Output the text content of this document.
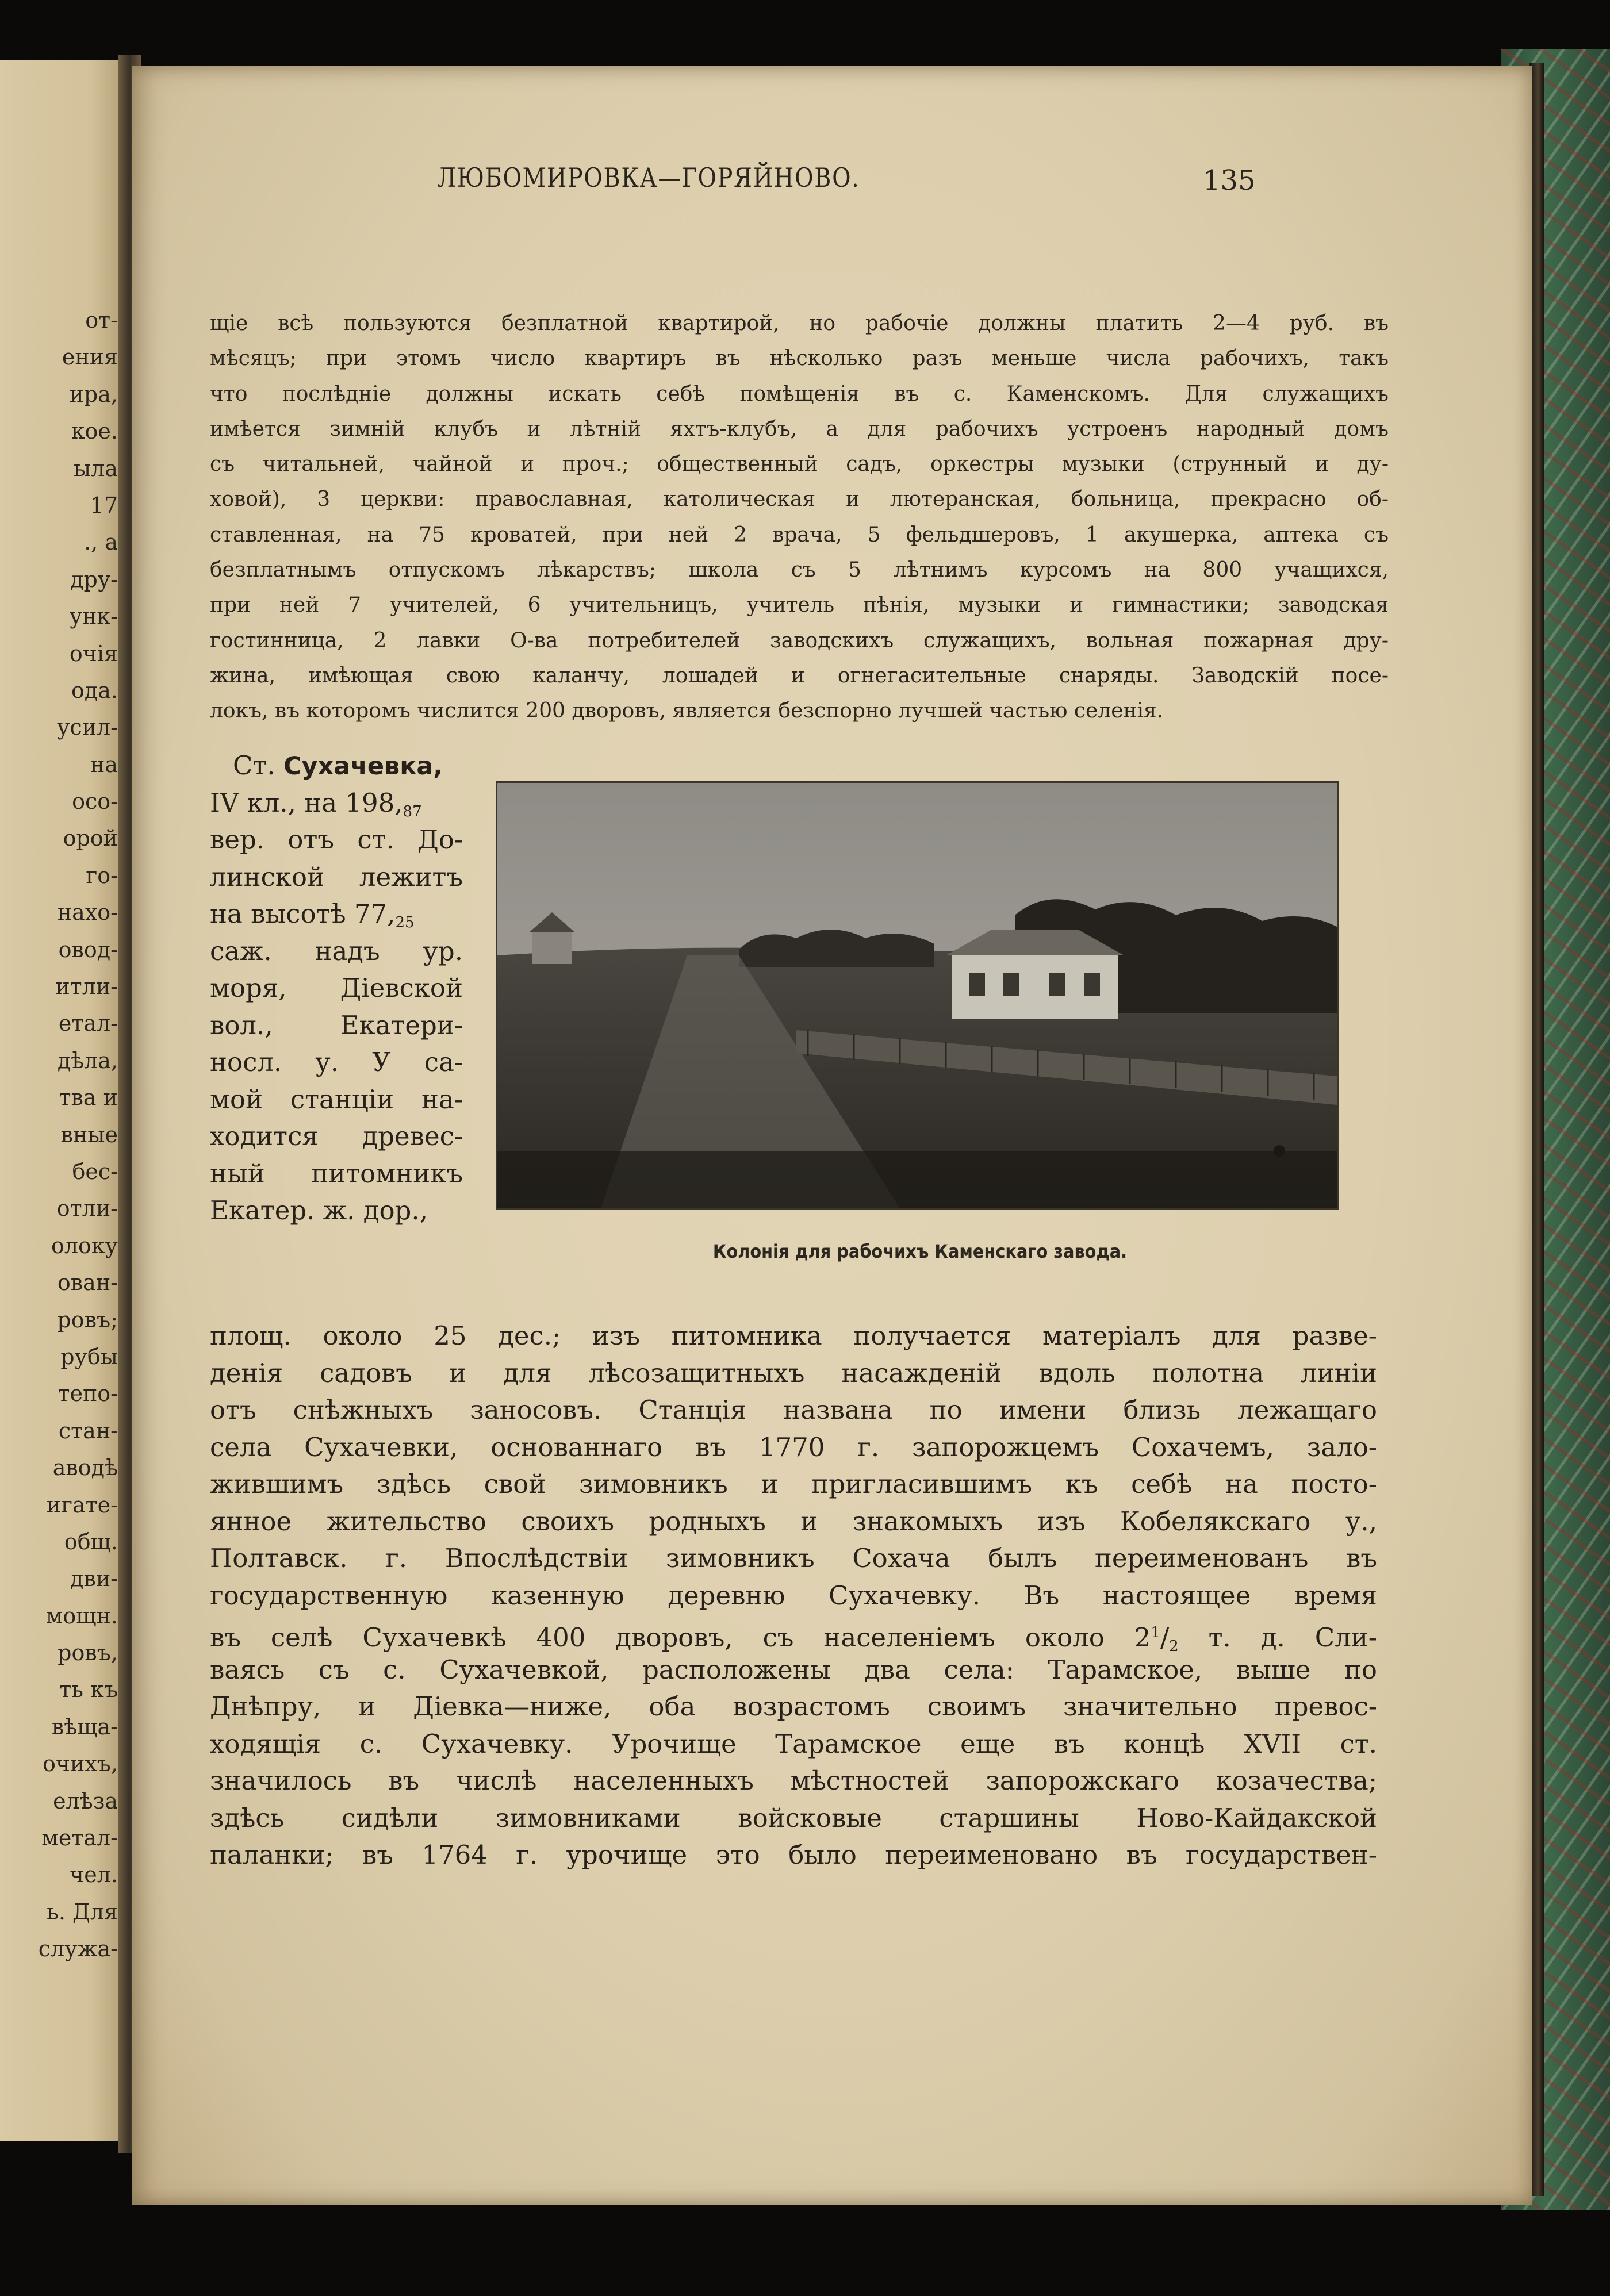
от-
ения
ира,
кое.
ыла
17
., а
дру-
унк-
очія
ода.
усил-
на
осо-
орой
го-
нахо-
овод-
итли-
етал-
дѣла,
тва и
вные
бес-
отли-
олоку
ован-
ровъ;
рубы
тепо-
стан-
аводѣ
игате-
общ.
дви-
мощн.
ровъ,
ть къ
вѣща-
очихъ,
елѣза
метал-
чел.
ь. Для
служа-
ЛЮБОМИРОВКА—ГОРЯЙНОВО.	135
щіе всѣ пользуются безплатной квартирой, но рабочіе должны платить 2—4 руб. въ
мѣсяцъ; при этомъ число квартиръ въ нѣсколько разъ меньше числа рабочихъ, такъ
что послѣдніе должны искать себѣ помѣщенія въ с. Каменскомъ. Для служащихъ
имѣется зимній клубъ и лѣтній яхтъ-клубъ, а для рабочихъ устроенъ народный домъ
съ читальней, чайной и проч.; общественный садъ, оркестры музыки (струнный и ду-
ховой), 3 церкви: православная, католическая и лютеранская, больница, прекрасно об-
ставленная, на 75 кроватей, при ней 2 врача, 5 фельдшеровъ, 1 акушерка, аптека съ
безплатнымъ отпускомъ лѣкарствъ; школа съ 5 лѣтнимъ курсомъ на 800 учащихся,
при ней 7 учителей, 6 учительницъ, учитель пѣнія, музыки и гимнастики; заводская
гостинница, 2 лавки О-ва потребителей заводскихъ служащихъ, вольная пожарная дру-
жина, имѣющая свою каланчу, лошадей и огнегасительные снаряды. Заводскій посе-
локъ, въ которомъ числится 200 дворовъ, является безспорно лучшей частью селенія.
Ст. Сухачевка,
IV кл., на $198,_{87}$
вер. отъ ст. До-
линской лежитъ
на высотѣ $77,_{25}$
саж. надъ ур.
моря, Діевской
вол., Екатери-
носл. у. У са-
мой станціи на-
ходится древес-
ный питомникъ
Екатер. ж. дор.,
Колонія для рабочихъ Каменскаго завода.
площ. около 25 дес.; изъ питомника получается матеріалъ для разве-
денія садовъ и для лѣсозащитныхъ насажденій вдоль полотна линіи
отъ снѣжныхъ заносовъ. Станція названа по имени близь лежащаго
села Сухачевки, основаннаго въ 1770 г. запорожцемъ Сохачемъ, зало-
жившимъ здѣсь свой зимовникъ и пригласившимъ къ себѣ на посто-
янное жительство своихъ родныхъ и знакомыхъ изъ Кобелякскаго у.,
Полтавск. г. Впослѣдствіи зимовникъ Сохача былъ переименованъ въ
государственную казенную деревню Сухачевку. Въ настоящее время
въ селѣ Сухачевкѣ 400 дворовъ, съ населеніемъ около $2^1/_2$ т. д. Сли-
ваясь съ с. Сухачевкой, расположены два села: Тарамское, выше по
Днѣпру, и Діевка—ниже, оба возрастомъ своимъ значительно превос-
ходящія с. Сухачевку. Урочище Тарамское еще въ концѣ XVII ст.
значилось въ числѣ населенныхъ мѣстностей запорожскаго козачества;
здѣсь сидѣли зимовниками войсковые старшины Ново-Кайдакской
паланки; въ 1764 г. урочище это было переименовано въ государствен-
